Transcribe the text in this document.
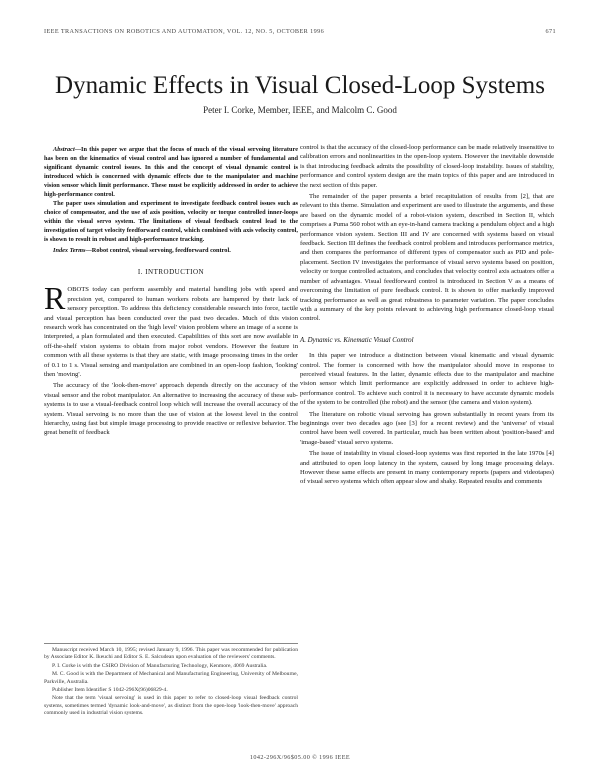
IEEE TRANSACTIONS ON ROBOTICS AND AUTOMATION, VOL. 12, NO. 5, OCTOBER 1996	671
Dynamic Effects in Visual Closed-Loop Systems
Peter I. Corke, Member, IEEE, and Malcolm C. Good

Abstract—In this paper we argue that the focus of much of the visual servoing literature has been on the kinematics of visual control and has ignored a number of fundamental and significant dynamic control issues. In this and the concept of visual dynamic control is introduced which is concerned with dynamic effects due to the manipulator and machine vision sensor which limit performance. These must be explicitly addressed in order to achieve high-performance control.

The paper uses simulation and experiment to investigate feedback control issues such as choice of compensator, and the use of axis position, velocity or torque controlled inner-loops within the visual servo system. The limitations of visual feedback control lead to the investigation of target velocity feedforward control, which combined with axis velocity control, is shown to result in robust and high-performance tracking.

Index Terms—Robot control, visual servoing, feedforward control.
I. INTRODUCTION

ROBOTS today can perform assembly and material handling jobs with speed and precision yet, compared to human workers robots are hampered by their lack of sensory perception. To address this deficiency considerable research into force, tactile and visual perception has been conducted over the past two decades. Much of this vision research work has concentrated on the 'high level' vision problem where an image of a scene is interpreted, a plan formulated and then executed. Capabilities of this sort are now available in off-the-shelf vision systems to obtain from major robot vendors. However the feature in common with all these systems is that they are static, with image processing times in the order of 0.1 to 1 s. Visual sensing and manipulation are combined in an open-loop fashion, 'looking' then 'moving'.

The accuracy of the 'look-then-move' approach depends directly on the accuracy of the visual sensor and the robot manipulator. An alternative to increasing the accuracy of these sub-systems is to use a visual-feedback control loop which will increase the overall accuracy of the system. Visual servoing is no more than the use of vision at the lowest level in the control hierarchy, using fast but simple image processing to provide reactive or reflexive behavior. The great benefit of feedback

Manuscript received March 10, 1995; revised January 9, 1996. This paper was recommended for publication by Associate Editor K. Ikeuchi and Editor S. E. Salcudean upon evaluation of the reviewers' comments.

P. I. Corke is with the CSIRO Division of Manufacturing Technology, Kenmore, 4069 Australia.

M. C. Good is with the Department of Mechanical and Manufacturing Engineering, University of Melbourne, Parkville, Australia.

Publisher Item Identifier S 1042-296X(96)06829-4.

Note that the term 'visual servoing' is used in this paper to refer to closed-loop visual feedback control systems, sometimes termed 'dynamic look-and-move', as distinct from the open-loop 'look-then-move' approach commonly used in industrial vision systems.

control is that the accuracy of the closed-loop performance can be made relatively insensitive to calibration errors and nonlinearities in the open-loop system. However the inevitable downside is that introducing feedback admits the possibility of closed-loop instability. Issues of stability, performance and control system design are the main topics of this paper and are introduced in the next section of this paper.

The remainder of the paper presents a brief recapitulation of results from [2], that are relevant to this theme. Simulation and experiment are used to illustrate the arguments, and these are based on the dynamic model of a robot-vision system, described in Section II, which comprises a Puma 560 robot with an eye-in-hand camera tracking a pendulum object and a high performance vision system. Section III and IV are concerned with systems based on visual feedback. Section III defines the feedback control problem and introduces performance metrics, and then compares the performance of different types of compensator such as PID and pole-placement. Section IV investigates the performance of visual servo systems based on position, velocity or torque controlled actuators, and concludes that velocity control axis actuators offer a number of advantages. Visual feedforward control is introduced in Section V as a means of overcoming the limitation of pure feedback control. It is shown to offer markedly improved tracking performance as well as great robustness to parameter variation. The paper concludes with a summary of the key points relevant to achieving high performance closed-loop visual control.

A. Dynamic vs. Kinematic Visual Control

In this paper we introduce a distinction between visual kinematic and visual dynamic control. The former is concerned with how the manipulator should move in response to perceived visual features. In the latter, dynamic effects due to the manipulator and machine vision sensor which limit performance are explicitly addressed in order to achieve high-performance control. To achieve such control it is necessary to have accurate dynamic models of the system to be controlled (the robot) and the sensor (the camera and vision system).

The literature on robotic visual servoing has grown substantially in recent years from its beginnings over two decades ago (see [3] for a recent review) and the 'universe' of visual control have been well covered. In particular, much has been written about 'position-based' and 'image-based' visual servo systems.

The issue of instability in visual closed-loop systems was first reported in the late 1970s [4] and attributed to open loop latency in the system, caused by long image processing delays. However these same effects are present in many contemporary reports (papers and videotapes) of visual servo systems which often appear slow and shaky. Repeated results and comments

1042-296X/96$05.00 © 1996 IEEE
